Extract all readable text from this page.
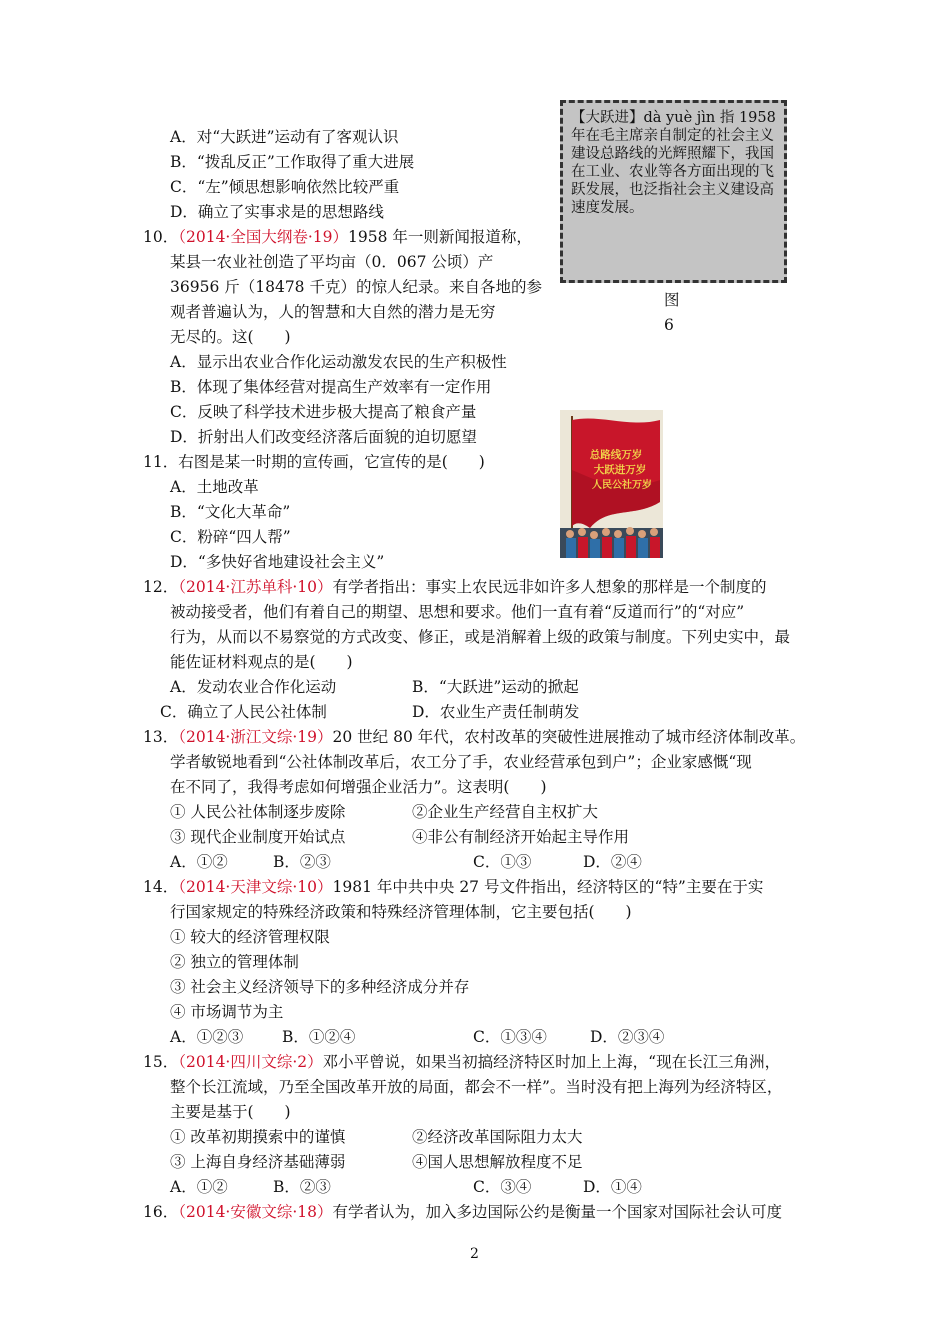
A．对“大跃进”运动有了客观认识
B．“拨乱反正”工作取得了重大进展
C．“左”倾思想影响依然比较严重
D．确立了实事求是的思想路线
【大跃进】dà yuè jìn 指 1958 年在毛主席亲自制定的社会主义建设总路线的光辉照耀下，我国在工业、农业等各方面出现的飞跃发展，也泛指社会主义建设高速度发展。
图
6
总路线万岁
大跃进万岁
人民公社万岁
10．（2014·全国大纲卷·19）1958 年一则新闻报道称，
某县一农业社创造了平均亩（0．067 公顷）产
36956 斤（18478 千克）的惊人纪录。来自各地的参
观者普遍认为，人的智慧和大自然的潜力是无穷
无尽的。这(　　)
A．显示出农业合作化运动激发农民的生产积极性
B．体现了集体经营对提高生产效率有一定作用
C．反映了科学技术进步极大提高了粮食产量
D．折射出人们改变经济落后面貌的迫切愿望
11．右图是某一时期的宣传画，它宣传的是(　　)
A．土地改革
B．“文化大革命”
C．粉碎“四人帮”
D．“多快好省地建设社会主义”
12．（2014·江苏单科·10）有学者指出：事实上农民远非如许多人想象的那样是一个制度的
被动接受者，他们有着自己的期望、思想和要求。他们一直有着“反道而行”的“对应”
行为，从而以不易察觉的方式改变、修正，或是消解着上级的政策与制度。下列史实中，最
能佐证材料观点的是(　　)
A．发动农业合作化运动	B．“大跃进”运动的掀起
C．确立了人民公社体制	D．农业生产责任制萌发
13．（2014·浙江文综·19）20 世纪 80 年代，农村改革的突破性进展推动了城市经济体制改革。
学者敏锐地看到“公社体制改革后，农工分了手，农业经营承包到户”；企业家感慨“现
在不同了，我得考虑如何增强企业活力”。这表明(　　)
① 人民公社体制逐步废除	②企业生产经营自主权扩大
③ 现代企业制度开始试点	④非公有制经济开始起主导作用
A．①②	B．②③	C．①③	D．②④
14．（2014·天津文综·10）1981 年中共中央 27 号文件指出，经济特区的“特”主要在于实
行国家规定的特殊经济政策和特殊经济管理体制，它主要包括(　　)
① 较大的经济管理权限
② 独立的管理体制
③ 社会主义经济领导下的多种经济成分并存
④ 市场调节为主
A．①②③	B．①②④	C．①③④	D．②③④
15．（2014·四川文综·2）邓小平曾说，如果当初搞经济特区时加上上海，“现在长江三角洲，
整个长江流域，乃至全国改革开放的局面，都会不一样”。当时没有把上海列为经济特区，
主要是基于(　　)
① 改革初期摸索中的谨慎	②经济改革国际阻力太大
③ 上海自身经济基础薄弱	④国人思想解放程度不足
A．①②	B．②③	C．③④	D．①④
16．（2014·安徽文综·18）有学者认为，加入多边国际公约是衡量一个国家对国际社会认可度
2
